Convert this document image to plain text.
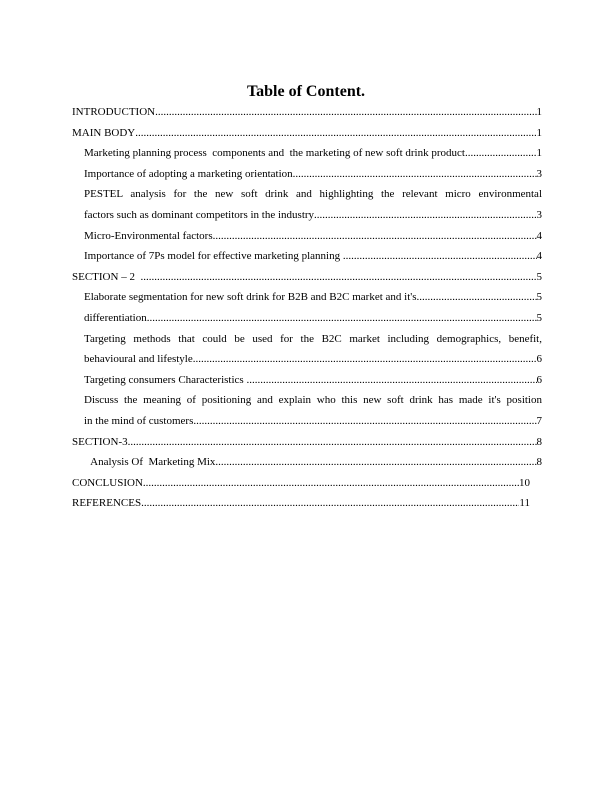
Table of Content.
INTRODUCTION .....	1
MAIN BODY .....	1
Marketing planning process  components and  the marketing of new soft drink product .....	1
Importance of adopting a marketing orientation .....	3
PESTEL analysis for the new soft drink and highlighting the relevant micro environmental
factors such as dominant competitors in the industry .....	3
Micro-Environmental factors .....	4
Importance of 7Ps model for effective marketing planning .....	4
SECTION – 2 .....	5
Elaborate segmentation for new soft drink for B2B and B2C market and it's .....	5
differentiation .....	5
Targeting methods that could be used for the B2C market including demographics, benefit,
behavioural and lifestyle .....	6
Targeting consumers Characteristics .....	6
Discuss the meaning of positioning and explain who this new soft drink has made it's position
in the mind of customers .....	7
SECTION-3 .....	8
Analysis Of  Marketing Mix .....	8
CONCLUSION .....	10
REFERENCES .....	11
